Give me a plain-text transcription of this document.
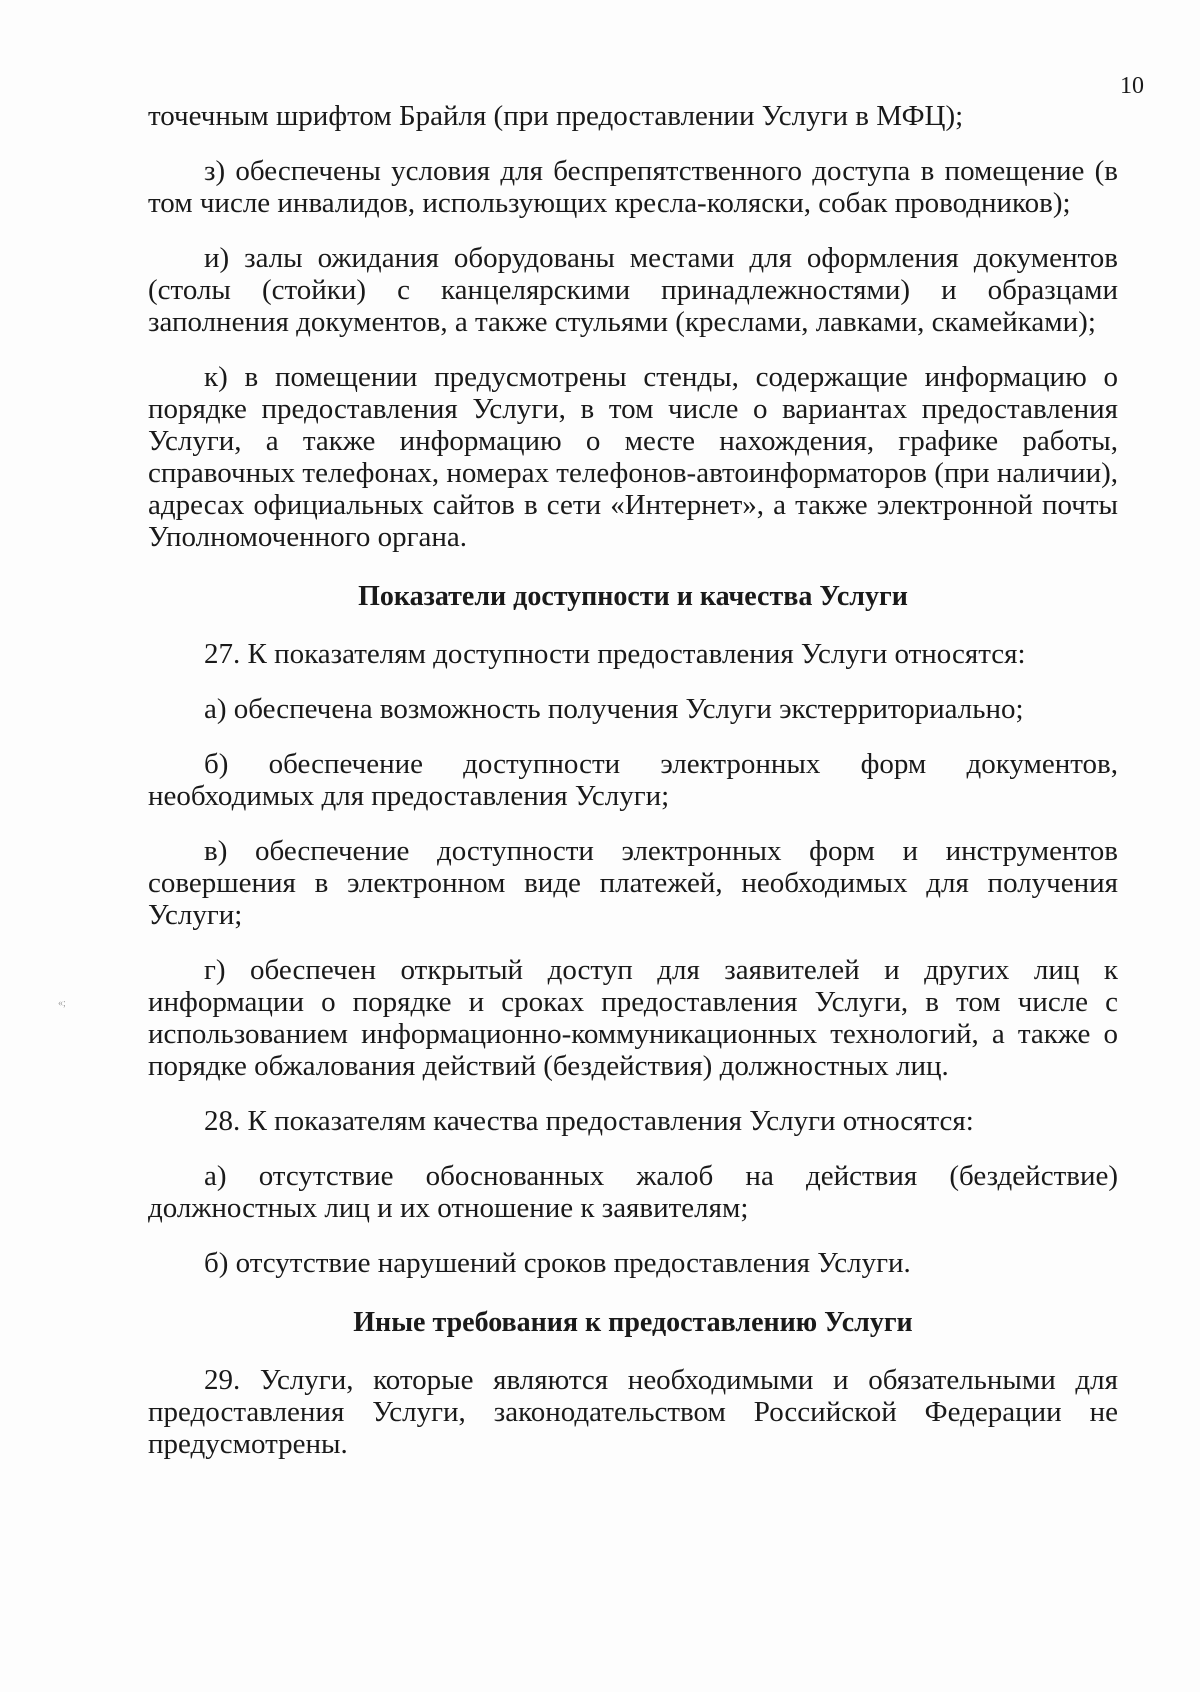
10
«;

точечным шрифтом Брайля (при предоставлении Услуги в МФЦ);

з) обеспечены условия для беспрепятственного доступа в помещение (в том числе инвалидов, использующих кресла-коляски, собак проводников);

и) залы ожидания оборудованы местами для оформления документов (столы (стойки) с канцелярскими принадлежностями) и образцами заполнения документов, а также стульями (креслами, лавками, скамейками);

к) в помещении предусмотрены стенды, содержащие информацию о порядке предоставления Услуги, в том числе о вариантах предоставления Услуги, а также информацию о месте нахождения, графике работы, справочных телефонах, номерах телефонов-автоинформаторов (при наличии), адресах официальных сайтов в сети «Интернет», а также электронной почты Уполномоченного органа.

Показатели доступности и качества Услуги

27. К показателям доступности предоставления Услуги относятся:

а) обеспечена возможность получения Услуги экстерриториально;

б) обеспечение доступности электронных форм документов, необходимых для предоставления Услуги;

в) обеспечение доступности электронных форм и инструментов совершения в электронном виде платежей, необходимых для получения Услуги;

г) обеспечен открытый доступ для заявителей и других лиц к информации о порядке и сроках предоставления Услуги, в том числе с использованием информационно-коммуникационных технологий, а также о порядке обжалования действий (бездействия) должностных лиц.

28. К показателям качества предоставления Услуги относятся:

а) отсутствие обоснованных жалоб на действия (бездействие) должностных лиц и их отношение к заявителям;

б) отсутствие нарушений сроков предоставления Услуги.

Иные требования к предоставлению Услуги

29. Услуги, которые являются необходимыми и обязательными для предоставления Услуги, законодательством Российской Федерации не предусмотрены.
